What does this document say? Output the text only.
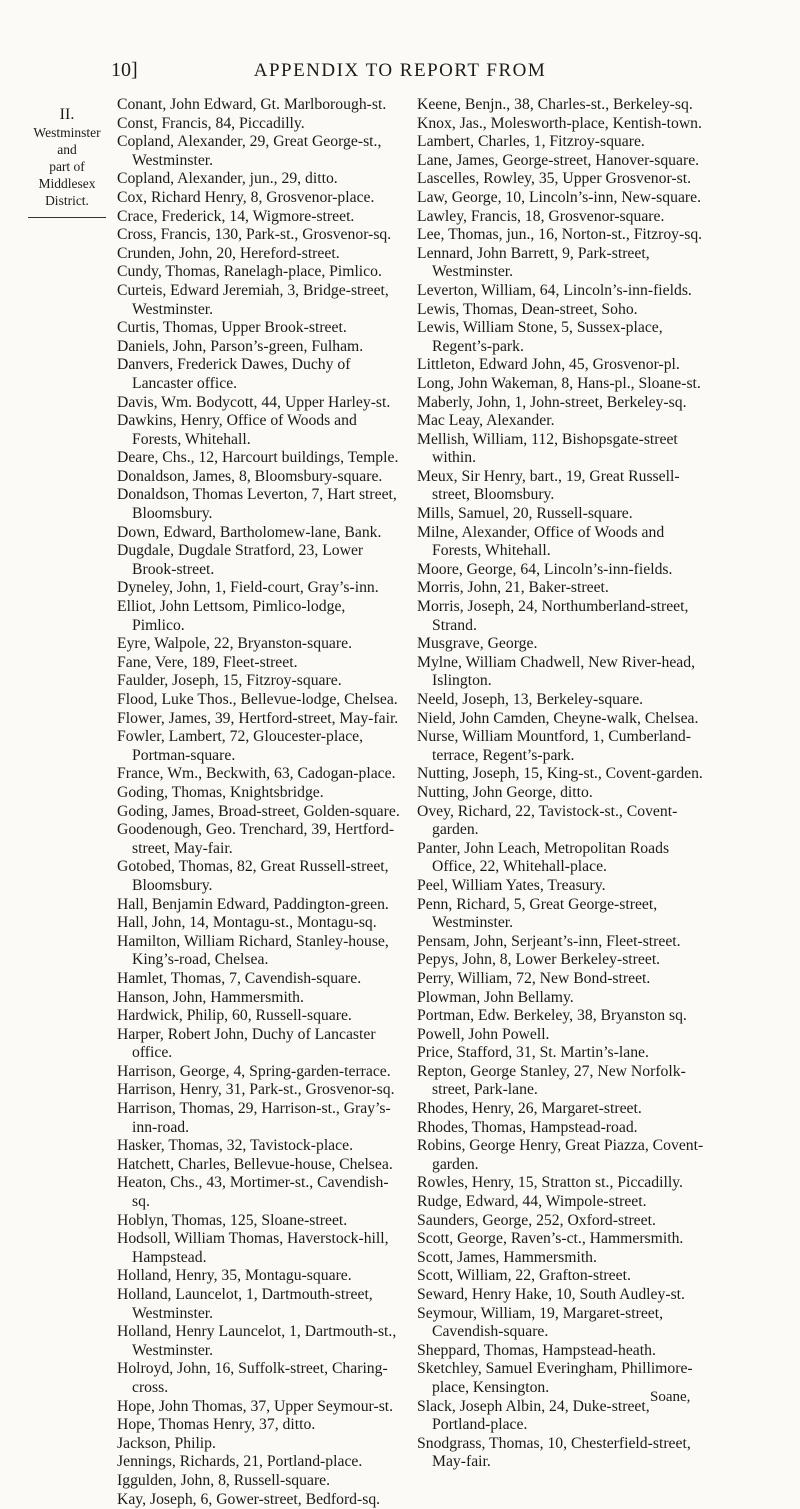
10]	APPENDIX TO REPORT FROM
II.
Westminster and
part of Middlesex
District.
Conant, John Edward, Gt. Marlborough-st.
Const, Francis, 84, Piccadilly.
Copland, Alexander, 29, Great George-st., Westminster.
Copland, Alexander, jun., 29, ditto.
Cox, Richard Henry, 8, Grosvenor-place.
Crace, Frederick, 14, Wigmore-street.
Cross, Francis, 130, Park-st., Grosvenor-sq.
Crunden, John, 20, Hereford-street.
Cundy, Thomas, Ranelagh-place, Pimlico.
Curteis, Edward Jeremiah, 3, Bridge-street, Westminster.
Curtis, Thomas, Upper Brook-street.
Daniels, John, Parson’s-green, Fulham.
Danvers, Frederick Dawes, Duchy of Lancaster office.
Davis, Wm. Bodycott, 44, Upper Harley-st.
Dawkins, Henry, Office of Woods and Forests, Whitehall.
Deare, Chs., 12, Harcourt buildings, Temple.
Donaldson, James, 8, Bloomsbury-square.
Donaldson, Thomas Leverton, 7, Hart street, Bloomsbury.
Down, Edward, Bartholomew-lane, Bank.
Dugdale, Dugdale Stratford, 23, Lower Brook-street.
Dyneley, John, 1, Field-court, Gray’s-inn.
Elliot, John Lettsom, Pimlico-lodge, Pimlico.
Eyre, Walpole, 22, Bryanston-square.
Fane, Vere, 189, Fleet-street.
Faulder, Joseph, 15, Fitzroy-square.
Flood, Luke Thos., Bellevue-lodge, Chelsea.
Flower, James, 39, Hertford-street, May-fair.
Fowler, Lambert, 72, Gloucester-place, Portman-square.
France, Wm., Beckwith, 63, Cadogan-place.
Goding, Thomas, Knightsbridge.
Goding, James, Broad-street, Golden-square.
Goodenough, Geo. Trenchard, 39, Hertford-street, May-fair.
Gotobed, Thomas, 82, Great Russell-street, Bloomsbury.
Hall, Benjamin Edward, Paddington-green.
Hall, John, 14, Montagu-st., Montagu-sq.
Hamilton, William Richard, Stanley-house, King’s-road, Chelsea.
Hamlet, Thomas, 7, Cavendish-square.
Hanson, John, Hammersmith.
Hardwick, Philip, 60, Russell-square.
Harper, Robert John, Duchy of Lancaster office.
Harrison, George, 4, Spring-garden-terrace.
Harrison, Henry, 31, Park-st., Grosvenor-sq.
Harrison, Thomas, 29, Harrison-st., Gray’s-inn-road.
Hasker, Thomas, 32, Tavistock-place.
Hatchett, Charles, Bellevue-house, Chelsea.
Heaton, Chs., 43, Mortimer-st., Cavendish-sq.
Hoblyn, Thomas, 125, Sloane-street.
Hodsoll, William Thomas, Haverstock-hill, Hampstead.
Holland, Henry, 35, Montagu-square.
Holland, Launcelot, 1, Dartmouth-street, Westminster.
Holland, Henry Launcelot, 1, Dartmouth-st., Westminster.
Holroyd, John, 16, Suffolk-street, Charing-cross.
Hope, John Thomas, 37, Upper Seymour-st.
Hope, Thomas Henry, 37, ditto.
Jackson, Philip.
Jennings, Richards, 21, Portland-place.
Iggulden, John, 8, Russell-square.
Kay, Joseph, 6, Gower-street, Bedford-sq.
Keene, Benjn., 38, Charles-st., Berkeley-sq.
Knox, Jas., Molesworth-place, Kentish-town.
Lambert, Charles, 1, Fitzroy-square.
Lane, James, George-street, Hanover-square.
Lascelles, Rowley, 35, Upper Grosvenor-st.
Law, George, 10, Lincoln’s-inn, New-square.
Lawley, Francis, 18, Grosvenor-square.
Lee, Thomas, jun., 16, Norton-st., Fitzroy-sq.
Lennard, John Barrett, 9, Park-street, Westminster.
Leverton, William, 64, Lincoln’s-inn-fields.
Lewis, Thomas, Dean-street, Soho.
Lewis, William Stone, 5, Sussex-place, Regent’s-park.
Littleton, Edward John, 45, Grosvenor-pl.
Long, John Wakeman, 8, Hans-pl., Sloane-st.
Maberly, John, 1, John-street, Berkeley-sq.
Mac Leay, Alexander.
Mellish, William, 112, Bishopsgate-street within.
Meux, Sir Henry, bart., 19, Great Russell-street, Bloomsbury.
Mills, Samuel, 20, Russell-square.
Milne, Alexander, Office of Woods and Forests, Whitehall.
Moore, George, 64, Lincoln’s-inn-fields.
Morris, John, 21, Baker-street.
Morris, Joseph, 24, Northumberland-street, Strand.
Musgrave, George.
Mylne, William Chadwell, New River-head, Islington.
Neeld, Joseph, 13, Berkeley-square.
Nield, John Camden, Cheyne-walk, Chelsea.
Nurse, William Mountford, 1, Cumberland-terrace, Regent’s-park.
Nutting, Joseph, 15, King-st., Covent-garden.
Nutting, John George, ditto.
Ovey, Richard, 22, Tavistock-st., Covent-garden.
Panter, John Leach, Metropolitan Roads Office, 22, Whitehall-place.
Peel, William Yates, Treasury.
Penn, Richard, 5, Great George-street, Westminster.
Pensam, John, Serjeant’s-inn, Fleet-street.
Pepys, John, 8, Lower Berkeley-street.
Perry, William, 72, New Bond-street.
Plowman, John Bellamy.
Portman, Edw. Berkeley, 38, Bryanston sq.
Powell, John Powell.
Price, Stafford, 31, St. Martin’s-lane.
Repton, George Stanley, 27, New Norfolk-street, Park-lane.
Rhodes, Henry, 26, Margaret-street.
Rhodes, Thomas, Hampstead-road.
Robins, George Henry, Great Piazza, Covent-garden.
Rowles, Henry, 15, Stratton st., Piccadilly.
Rudge, Edward, 44, Wimpole-street.
Saunders, George, 252, Oxford-street.
Scott, George, Raven’s-ct., Hammersmith.
Scott, James, Hammersmith.
Scott, William, 22, Grafton-street.
Seward, Henry Hake, 10, South Audley-st.
Seymour, William, 19, Margaret-street, Cavendish-square.
Sheppard, Thomas, Hampstead-heath.
Sketchley, Samuel Everingham, Phillimore-place, Kensington.
Slack, Joseph Albin, 24, Duke-street, Portland-place.
Snodgrass, Thomas, 10, Chesterfield-street, May-fair.
Soane,
